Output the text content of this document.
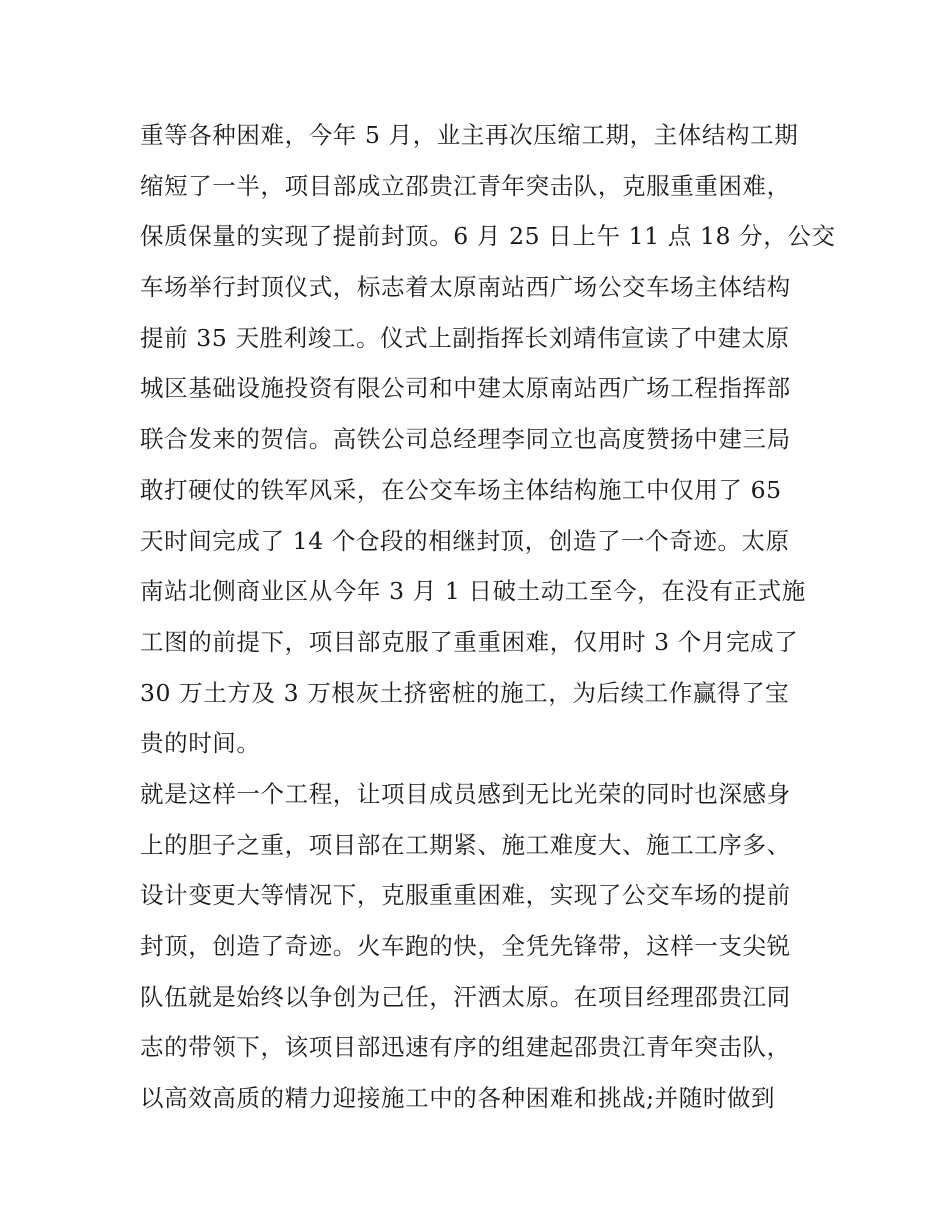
重等各种困难，今年 5 月，业主再次压缩工期，主体结构工期
缩短了一半，项目部成立邵贵江青年突击队，克服重重困难，
保质保量的实现了提前封顶。6 月 25 日上午 11 点 18 分，公交
车场举行封顶仪式，标志着太原南站西广场公交车场主体结构
提前 35 天胜利竣工。仪式上副指挥长刘靖伟宣读了中建太原
城区基础设施投资有限公司和中建太原南站西广场工程指挥部
联合发来的贺信。高铁公司总经理李同立也高度赞扬中建三局
敢打硬仗的铁军风采，在公交车场主体结构施工中仅用了 65
天时间完成了 14 个仓段的相继封顶，创造了一个奇迹。太原
南站北侧商业区从今年 3 月 1 日破土动工至今，在没有正式施
工图的前提下，项目部克服了重重困难，仅用时 3 个月完成了
30 万土方及 3 万根灰土挤密桩的施工，为后续工作赢得了宝
贵的时间。
就是这样一个工程，让项目成员感到无比光荣的同时也深感身
上的胆子之重，项目部在工期紧、施工难度大、施工工序多、
设计变更大等情况下，克服重重困难，实现了公交车场的提前
封顶，创造了奇迹。火车跑的快，全凭先锋带，这样一支尖锐
队伍就是始终以争创为己任，汗洒太原。在项目经理邵贵江同
志的带领下，该项目部迅速有序的组建起邵贵江青年突击队，
以高效高质的精力迎接施工中的各种困难和挑战;并随时做到
